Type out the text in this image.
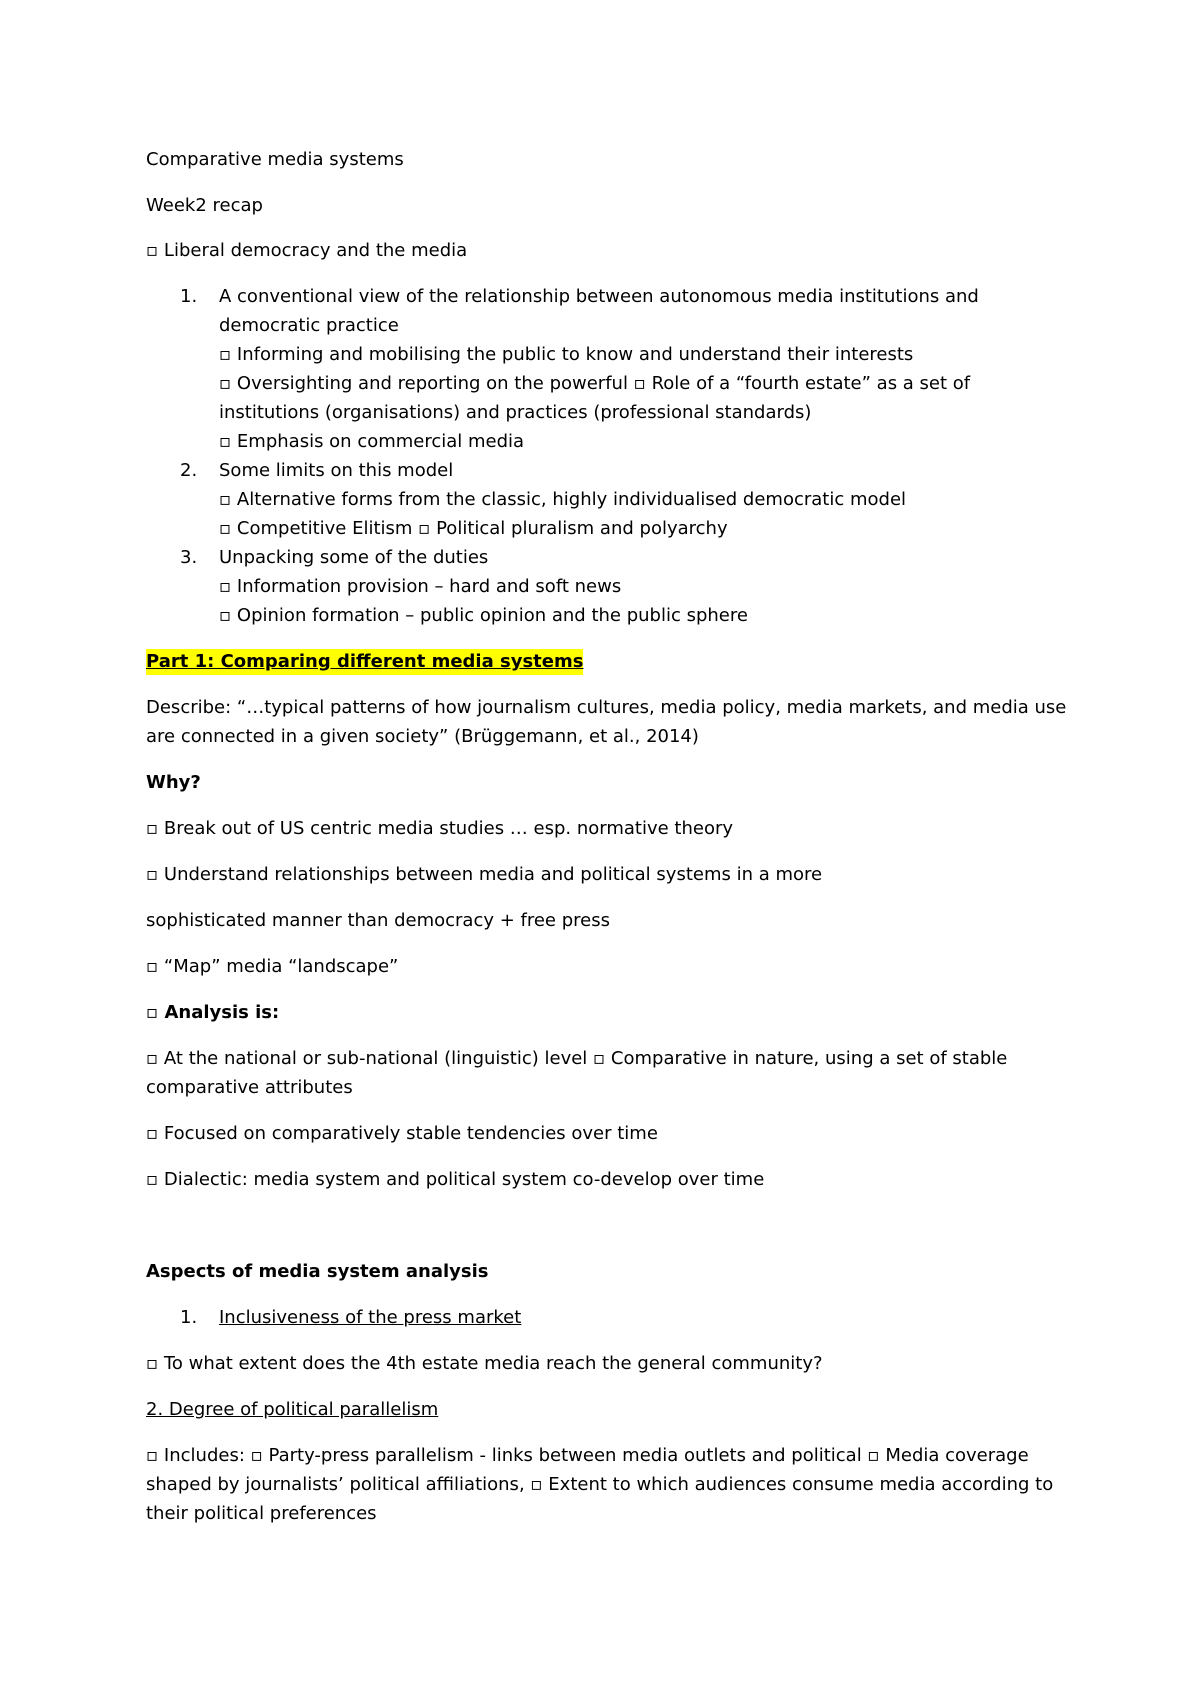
Comparative media systems
Week2 recap
▫ Liberal democracy and the media
1. A conventional view of the relationship between autonomous media institutions and
democratic practice
▫ Informing and mobilising the public to know and understand their interests
▫ Oversighting and reporting on the powerful ▫ Role of a “fourth estate” as a set of
institutions (organisations) and practices (professional standards)
▫ Emphasis on commercial media
2. Some limits on this model
▫ Alternative forms from the classic, highly individualised democratic model
▫ Competitive Elitism ▫ Political pluralism and polyarchy
3. Unpacking some of the duties
▫ Information provision – hard and soft news
▫ Opinion formation – public opinion and the public sphere
Part 1: Comparing different media systems
Describe: “…typical patterns of how journalism cultures, media policy, media markets, and media use
are connected in a given society” (Brüggemann, et al., 2014)
Why?
▫ Break out of US centric media studies … esp. normative theory
▫ Understand relationships between media and political systems in a more
sophisticated manner than democracy + free press
▫ “Map” media “landscape”
▫ Analysis is:
▫ At the national or sub-national (linguistic) level ▫ Comparative in nature, using a set of stable
comparative attributes
▫ Focused on comparatively stable tendencies over time
▫ Dialectic: media system and political system co-develop over time
Aspects of media system analysis
1. Inclusiveness of the press market
▫ To what extent does the 4th estate media reach the general community?
2. Degree of political parallelism
▫ Includes: ▫ Party-press parallelism - links between media outlets and political ▫ Media coverage
shaped by journalists’ political affiliations, ▫ Extent to which audiences consume media according to
their political preferences
